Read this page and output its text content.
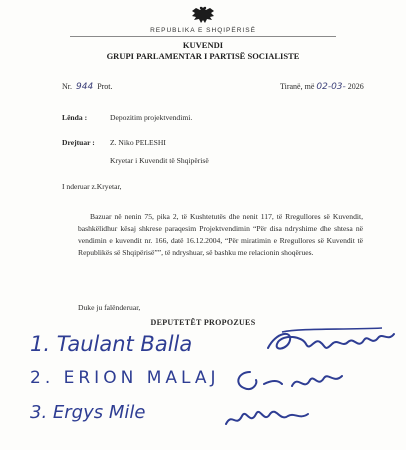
REPUBLIKA E SHQIPËRISË
KUVENDI
GRUPI PARLAMENTAR I PARTISË SOCIALISTE
Nr. 944 Prot.	Tiranë, më 02-03- 2026
Lënda :	Depozitim projektvendimi.
Drejtuar : Z. Niko PELESHI
Kryetar i Kuvendit të Shqipërisë
I nderuar z.Kryetar,
Bazuar në nenin 75, pika 2, të Kushtetutës dhe nenit 117, të Rregullores së Kuvendit, bashkëlidhur kësaj shkrese paraqesim Projektvendimin “Për disa ndryshime dhe shtesa në vendimin e kuvendit nr. 166, datë 16.12.2004, “Për miratimin e Rregullores së Kuvendit të Republikës së Shqipërisë””, të ndryshuar, së bashku me relacionin shoqërues.
Duke ju falënderuar,
DEPUTETËT PROPOZUES
1. Taulant Balla
2. ERION MALAJ
3. Ergys Mile
